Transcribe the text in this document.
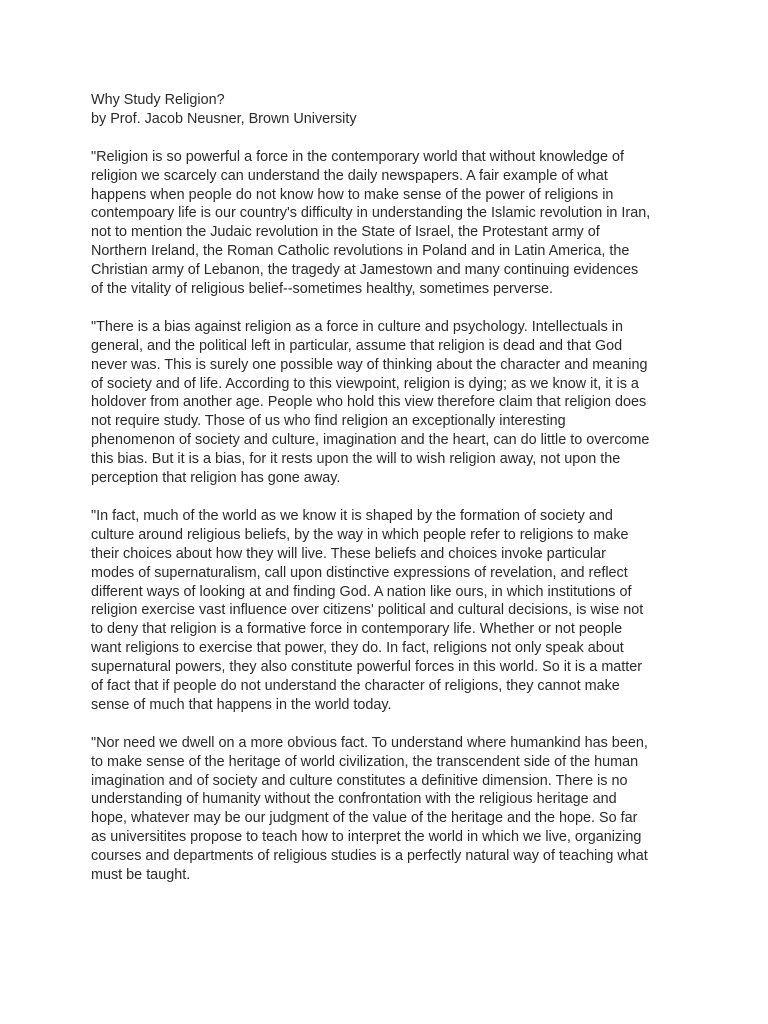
Why Study Religion?
by Prof. Jacob Neusner, Brown University
"Religion is so powerful a force in the contemporary world that without knowledge of
religion we scarcely can understand the daily newspapers. A fair example of what
happens when people do not know how to make sense of the power of religions in
contempoary life is our country's difficulty in understanding the Islamic revolution in Iran,
not to mention the Judaic revolution in the State of Israel, the Protestant army of
Northern Ireland, the Roman Catholic revolutions in Poland and in Latin America, the
Christian army of Lebanon, the tragedy at Jamestown and many continuing evidences
of the vitality of religious belief--sometimes healthy, sometimes perverse.
"There is a bias against religion as a force in culture and psychology. Intellectuals in
general, and the political left in particular, assume that religion is dead and that God
never was. This is surely one possible way of thinking about the character and meaning
of society and of life. According to this viewpoint, religion is dying; as we know it, it is a
holdover from another age. People who hold this view therefore claim that religion does
not require study. Those of us who find religion an exceptionally interesting
phenomenon of society and culture, imagination and the heart, can do little to overcome
this bias. But it is a bias, for it rests upon the will to wish religion away, not upon the
perception that religion has gone away.
"In fact, much of the world as we know it is shaped by the formation of society and
culture around religious beliefs, by the way in which people refer to religions to make
their choices about how they will live. These beliefs and choices invoke particular
modes of supernaturalism, call upon distinctive expressions of revelation, and reflect
different ways of looking at and finding God. A nation like ours, in which institutions of
religion exercise vast influence over citizens' political and cultural decisions, is wise not
to deny that religion is a formative force in contemporary life. Whether or not people
want religions to exercise that power, they do. In fact, religions not only speak about
supernatural powers, they also constitute powerful forces in this world. So it is a matter
of fact that if people do not understand the character of religions, they cannot make
sense of much that happens in the world today.
"Nor need we dwell on a more obvious fact. To understand where humankind has been,
to make sense of the heritage of world civilization, the transcendent side of the human
imagination and of society and culture constitutes a definitive dimension. There is no
understanding of humanity without the confrontation with the religious heritage and
hope, whatever may be our judgment of the value of the heritage and the hope. So far
as universitites propose to teach how to interpret the world in which we live, organizing
courses and departments of religious studies is a perfectly natural way of teaching what
must be taught.
